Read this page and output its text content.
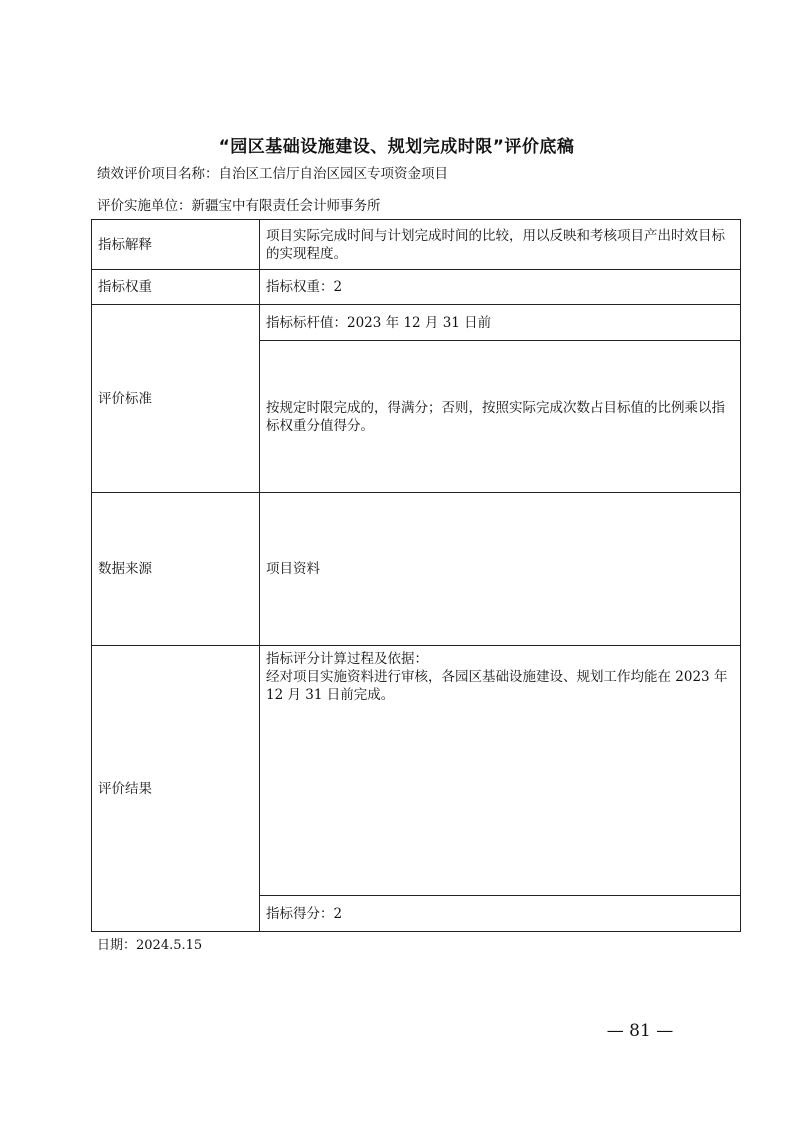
“园区基础设施建设、规划完成时限”评价底稿
绩效评价项目名称：自治区工信厅自治区园区专项资金项目
评价实施单位：新疆宝中有限责任会计师事务所
指标解释	项目实际完成时间与计划完成时间的比较，用以反映和考核项目产出时效目标的实现程度。
指标权重	指标权重：2
评价标准	指标标杆值：2023 年 12 月 31 日前
	按规定时限完成的，得满分；否则，按照实际完成次数占目标值的比例乘以指标权重分值得分。
数据来源	项目资料
评价结果	指标评分计算过程及依据：
经对项目实施资料进行审核，各园区基础设施建设、规划工作均能在 2023 年 12 月 31 日前完成。

	指标得分：2
日期：2024.5.15
— 81 —
